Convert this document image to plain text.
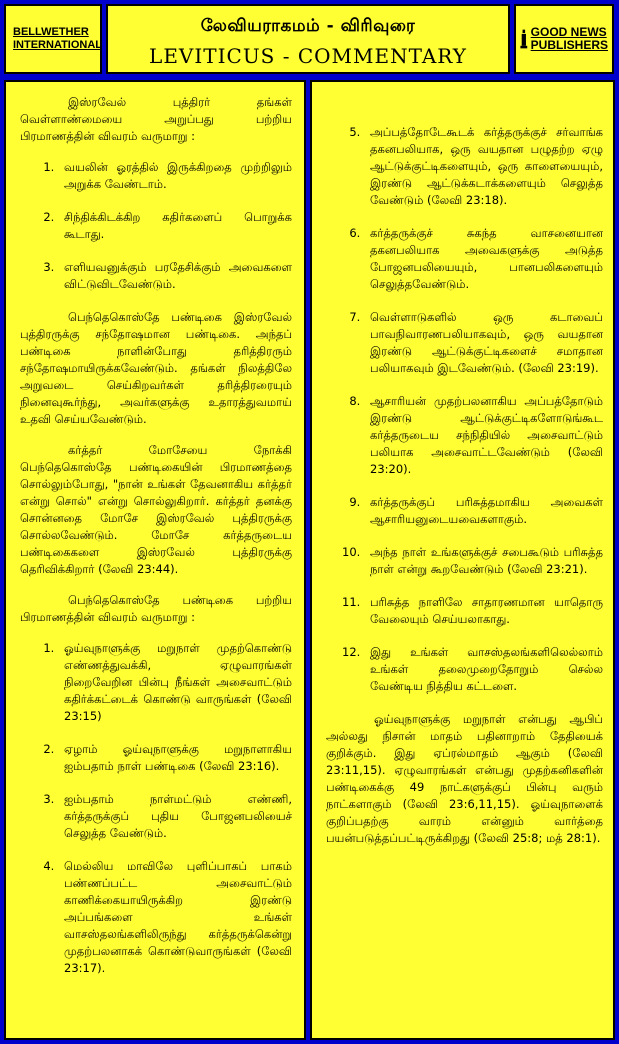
BELLWETHER
INTERNATIONAL
லேவியராகமம் - விரிவுரை
LEVITICUS - COMMENTARY
GOOD NEWS
PUBLISHERS

இஸ்ரவேல் புத்திரர் தங்கள் வெள்ளாண்மையை அறுப்பது பற்றிய பிரமாணத்தின் விவரம் வருமாறு :

1. வயலின் ஓரத்தில் இருக்கிறதை முற்றிலும் அறுக்க வேண்டாம்.
2. சிந்திக்கிடக்கிற கதிர்களைப் பொறுக்க கூடாது.
3. எளியவனுக்கும் பரதேசிக்கும் அவைகளை விட்டுவிடவேண்டும்.

பெந்தெகொஸ்தே பண்டிகை இஸ்ரவேல் புத்திரருக்கு சந்தோஷமான பண்டிகை. அந்தப் பண்டிகை நாளின்போது தரித்திரரும் சந்தோஷமாயிருக்கவேண்டும். தங்கள் நிலத்திலே அறுவடை செய்கிறவர்கள் தரித்திரரையும் நினைவுகூர்ந்து, அவர்களுக்கு உதாரத்துவமாய் உதவி செய்யவேண்டும்.

கர்த்தர் மோசேயை நோக்கி பெந்தெகொஸ்தே பண்டிகையின் பிரமாணத்தை சொல்லும்போது, "நான் உங்கள் தேவனாகிய கர்த்தர் என்று சொல்" என்று சொல்லுகிறார். கர்த்தர் தனக்கு சொன்னதை மோசே இஸ்ரவேல் புத்திரருக்கு சொல்லவேண்டும். மோசே கர்த்தருடைய பண்டிகைகளை இஸ்ரவேல் புத்திரருக்கு தெரிவிக்கிறார் (லேவி 23:44).

பெந்தெகொஸ்தே பண்டிகை பற்றிய பிரமாணத்தின் விவரம் வருமாறு :

1. ஓய்வுநாளுக்கு மறுநாள் முதற்கொண்டு எண்ணத்துவக்கி, ஏழுவாரங்கள் நிறைவேறின பின்பு நீங்கள் அசைவாட்டும் கதிர்க்கட்டைக் கொண்டு வாருங்கள் (லேவி 23:15)
2. ஏழாம் ஓய்வுநாளுக்கு மறுநாளாகிய ஐம்பதாம் நாள் பண்டிகை (லேவி 23:16).
3. ஐம்பதாம் நாள்மட்டும் எண்ணி, கர்த்தருக்குப் புதிய போஜனபலியைச் செலுத்த வேண்டும்.
4. மெல்லிய மாவிலே புளிப்பாகப் பாகம் பண்ணப்பட்ட அசைவாட்டும் காணிக்கையாயிருக்கிற இரண்டு அப்பங்களை உங்கள் வாசஸ்தலங்களிலிருந்து கர்த்தருக்கென்று முதற்பலனாகக் கொண்டுவாருங்கள் (லேவி 23:17).
5. அப்பத்தோடேகூடக் கர்த்தருக்குச் சர்வாங்க தகனபலியாக, ஒரு வயதான பழுதற்ற ஏழு ஆட்டுக்குட்டிகளையும், ஒரு காளையையும், இரண்டு ஆட்டுக்கடாக்களையும் செலுத்த வேண்டும் (லேவி 23:18).
6. கர்த்தருக்குச் சுகந்த வாசனையான தகனபலியாக அவைகளுக்கு அடுத்த போஜனபலியையும், பானபலிகளையும் செலுத்தவேண்டும்.
7. வெள்ளாடுகளில் ஒரு கடாவைப் பாவநிவாரணபலியாகவும், ஒரு வயதான இரண்டு ஆட்டுக்குட்டிகளைச் சமாதான பலியாகவும் இடவேண்டும். (லேவி 23:19).
8. ஆசாரியன் முதற்பலனாகிய அப்பத்தோடும் இரண்டு ஆட்டுக்குட்டிகளோடுங்கூட கர்த்தருடைய சந்நிதியில் அசைவாட்டும் பலியாக அசைவாட்டவேண்டும் (லேவி 23:20).
9. கர்த்தருக்குப் பரிசுத்தமாகிய அவைகள் ஆசாரியனுடையவைகளாகும்.
10. அந்த நாள் உங்களுக்குச் சபைகூடும் பரிசுத்த நாள் என்று கூறவேண்டும் (லேவி 23:21).
11. பரிசுத்த நாளிலே சாதாரணமான யாதொரு வேலையும் செய்யலாகாது.
12. இது உங்கள் வாசஸ்தலங்களிலெல்லாம் உங்கள் தலைமுறைதோறும் செல்ல வேண்டிய நித்திய கட்டளை.

ஓய்வுநாளுக்கு மறுநாள் என்பது ஆபிப் அல்லது நிசான் மாதம் பதினாறாம் தேதியைக் குறிக்கும். இது ஏப்ரல்மாதம் ஆகும் (லேவி 23:11,15). ஏழுவாரங்கள் என்பது முதற்கனிகளின் பண்டிகைக்கு 49 நாட்களுக்குப் பின்பு வரும் நாட்களாகும் (லேவி 23:6,11,15). ஓய்வுநாளைக் குறிப்பதற்கு வாரம் என்னும் வார்த்தை பயன்படுத்தப்பட்டிருக்கிறது (லேவி 25:8; மத் 28:1).
